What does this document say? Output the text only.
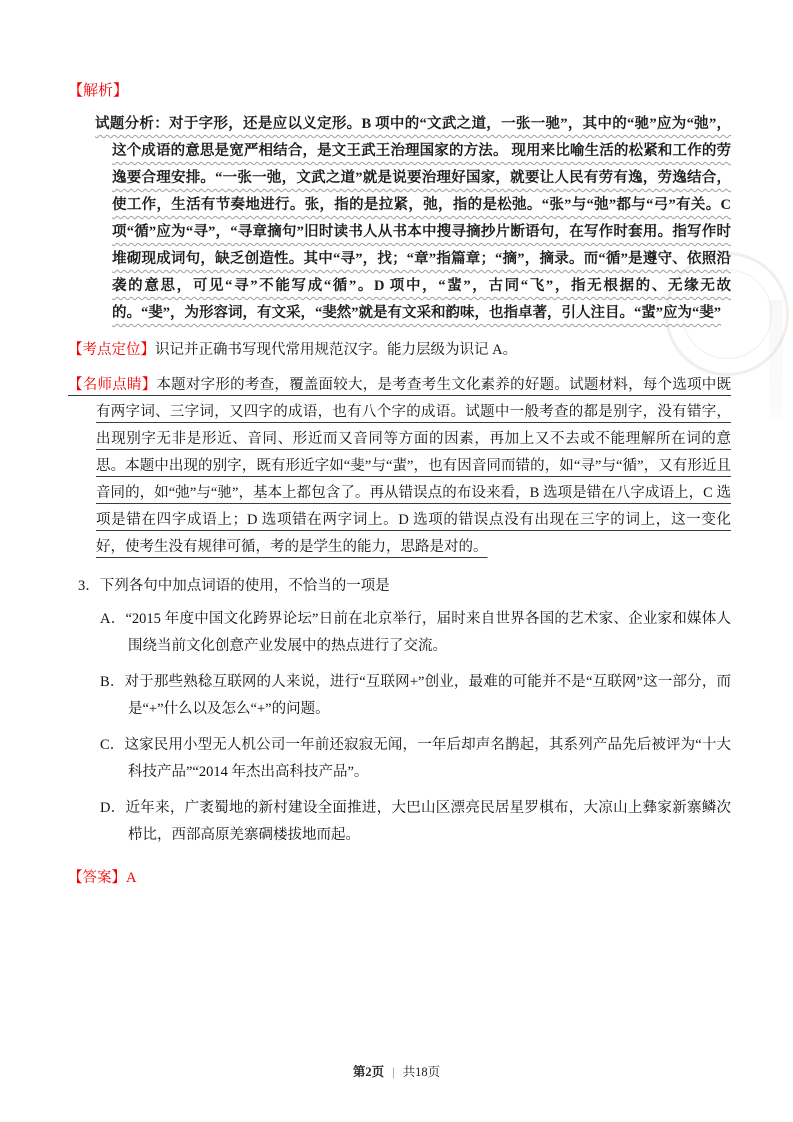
【解析】

试题分析：对于字形，还是应以义定形。B 项中的“文武之道，一张一驰”，其中的“驰”应为“弛”，这个成语的意思是宽严相结合，是文王武王治理国家的方法。 现用来比喻生活的松紧和工作的劳逸要合理安排。“一张一弛，文武之道”就是说要治理好国家，就要让人民有劳有逸，劳逸结合，使工作，生活有节奏地进行。张，指的是拉紧，弛，指的是松弛。“张”与“弛”都与“弓”有关。C 项“循”应为“寻”，“寻章摘句”旧时读书人从书本中搜寻摘抄片断语句，在写作时套用。指写作时堆砌现成词句，缺乏创造性。其中“寻”，找；“章”指篇章；“摘”，摘录。而“循”是遵守、依照沿袭的意思，可见“寻”不能写成“循”。D 项中，“蜚”，古同“飞”，指无根据的、无缘无故的。“斐”，为形容词，有文采，“斐然”就是有文采和韵味，也指卓著，引人注目。“蜚”应为“斐”

【考点定位】识记并正确书写现代常用规范汉字。能力层级为识记 A。

【名师点睛】本题对字形的考查，覆盖面较大，是考查考生文化素养的好题。试题材料，每个选项中既有两字词、三字词，又四字的成语，也有八个字的成语。试题中一般考查的都是别字，没有错字，出现别字无非是形近、音同、形近而又音同等方面的因素，再加上又不去或不能理解所在词的意思。本题中出现的别字，既有形近字如“斐”与“蜚”，也有因音同而错的，如“寻”与“循”，又有形近且音同的，如“弛”与“驰”，基本上都包含了。再从错误点的布设来看，B 选项是错在八字成语上，C 选项是错在四字成语上；D 选项错在两字词上。D 选项的错误点没有出现在三字的词上，这一变化好，使考生没有规律可循，考的是学生的能力，思路是对的。

3．下列各句中加点词语的使用，不恰当的一项是

A．“2015 年度中国文化跨界论坛”日前在北京举行，届时来自世界各国的艺术家、企业家和媒体人围绕当前文化创意产业发展中的热点进行了交流。

B．对于那些熟稔互联网的人来说，进行“互联网+”创业，最难的可能并不是“互联网”这一部分，而是“+”什么以及怎么“+”的问题。

C．这家民用小型无人机公司一年前还寂寂无闻，一年后却声名鹊起，其系列产品先后被评为“十大科技产品”“2014 年杰出高科技产品”。

D．近年来，广袤蜀地的新村建设全面推进，大巴山区漂亮民居星罗棋布，大凉山上彝家新寨鳞次栉比，西部高原羌寨碉楼拔地而起。

【答案】A

第2页 | 共18页
